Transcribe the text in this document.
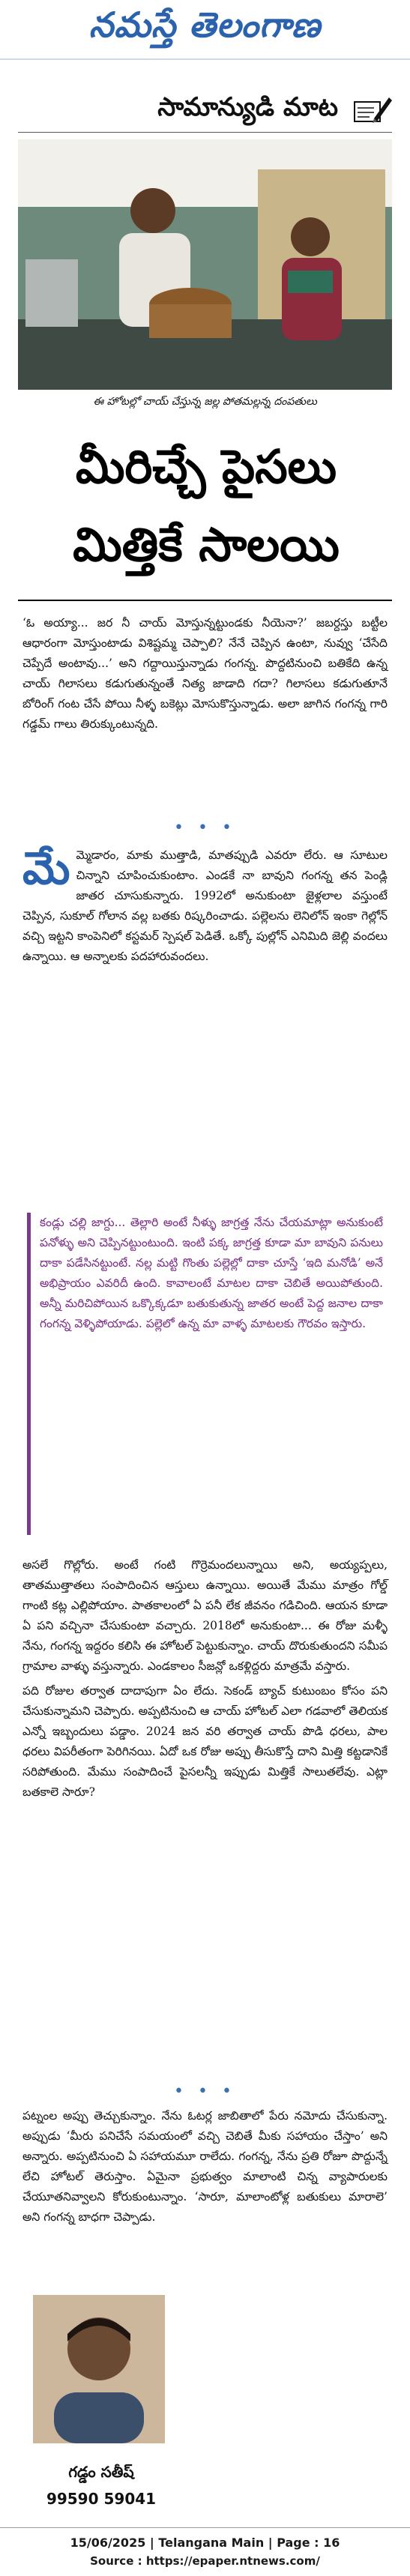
నమస్తే తెలంగాణ
సామాన్యుడి మాట
ఈ హోటల్లో చాయ్ చేస్తున్న జల్ల పోతమల్లన్న దంపతులు
మీరిచ్చే పైసలు
మిత్తికే సాలయి

‘ఓ అయ్యా... జర నీ చాయ్ మోస్తున్నట్టుండకు నీయెనా?’ జబర్దస్తు బట్టీల ఆధారంగా మోస్తుంటాడు విశిష్టమ్మ చెప్పాలి? నేనే చెప్పిన ఉంటా, నువ్వు ‘చేసేది చెప్పేదే అంటావు...’ అని గద్దాయిస్తున్నాడు గంగన్న. పొద్దటినుంచి బతికేది ఉన్న చాయ్ గిలాసలు కడుగుతున్నంతే నిత్య జాడాది గదా? గిలాసలు కడుగుతూనే బోరింగ్ గంట చేసే పోయి నీళ్ళ బకెట్లు మోసుకొస్తున్నాడు. అలా జాగిన గంగన్న గారి గడ్డమ్ గాలు తిరుక్కుంటున్నది.

• • •
మే మ్మెడారం, మాకు ముత్తాడి, మాతప్పుడి ఎవరూ లేరు. ఆ సూటుల చిన్నాని చూపించుకుంటాం. ఎండకే నా బావుని గంగన్న తన పెండ్లి జాతర చూసుకున్నారు. 1992లో అనుకుంటా జైళ్లలాల వస్తుంటే చెప్పిన, సుకూల్ గోలాన వల్ల బతకు రిష్కరించాడు. పల్లెలను లెనిలోన్ ఇంకా గెల్లోన్ వచ్చి ఇట్టని కాంపెనిలో కస్టమర్ స్పెషల్ పెడితే. ఒక్కో పుల్లోన్ ఎనిమిది జెల్లి వందలు ఉన్నాయి. ఆ అన్నాలకు పదహారువందలు.
కండ్లు చల్లి జాగ్దు... తెల్లారి అంటే నీళ్ళు జాగ్రత్త నేను చేయమాట్లా అనుకుంటే పనోళ్ళు అని చెప్పినట్టుంటుంది. ఇంటి పక్క జాగ్రత్త కూడా మా బావుని పనులు దాకా పడేసినట్టుంటే. నల్ల మట్టి గొంతు పల్లెల్లో దాకా చూస్తే ‘ఇది మనోడి’ అనే అభిప్రాయం ఎవరిదీ ఉంది. కావాలంటే మాటల దాకా చెబితే అయిపోతుంది. అన్నీ మరిచిపోయిన ఒక్కొక్కడూ బతుకుతున్న జాతర అంటే పెద్ద జనాల దాకా గంగన్న వెళ్ళిపోయాడు. పల్లెలో ఉన్న మా వాళ్ళ మాటలకు గౌరవం ఇస్తారు.

అసలే గొల్లోరు. అంటే గంటి గొర్రెమందలున్నాయి అని, అయ్యప్పలు, తాతముత్తాతలు సంపాదించిన ఆస్తులు ఉన్నాయి. అయితే మేము మాత్రం గోల్డ్ గాంటి కట్ల ఎల్లిపోయాం. పాతకాలంలో ఏ పనీ లేక జీవనం గడిచింది. ఆయన కూడా ఏ పని వచ్చినా చేసుకుంటా వచ్చారు. 2018లో అనుకుంటా... ఈ రోజు మళ్ళీ నేను, గంగన్న ఇద్దరం కలిసి ఈ హోటల్ పెట్టుకున్నాం. చాయ్ దొరుకుతుందని సమీప గ్రామాల వాళ్ళు వస్తున్నారు. ఎండకాలం సీజన్లో ఒకళ్లిద్దరు మాత్రమే వస్తారు.

పది రోజుల తర్వాత దాదాపుగా ఏం లేదు. సెకండ్ బ్యాచ్ కుటుంబం కోసం పని చేసుకున్నామని చెప్పారు. అప్పటినుంచి ఆ చాయ్ హోటల్ ఎలా గడవాలో తెలియక ఎన్నో ఇబ్బందులు పడ్డాం. 2024 జన వరి తర్వాత చాయ్ పొడి ధరలు, పాల ధరలు విపరీతంగా పెరిగినయి. ఏదో ఒక రోజు అప్పు తీసుకొస్తే దాని మిత్తి కట్టడానికే సరిపోతుంది. మేము సంపాదించే పైసలన్నీ ఇప్పుడు మిత్తికే సాలుతలేవు. ఎట్లా బతకాలె సారూ?

• • •

పట్నంల అప్పు తెచ్చుకున్నాం. నేను ఓటర్ల జాబితాలో పేరు నమోదు చేసుకున్నా. అప్పుడు ‘మీరు పనిచేసే సమయంలో వచ్చి చెబితే మీకు సహాయం చేస్తాం’ అని అన్నారు. అప్పటినుంచి ఏ సహాయమూ రాలేదు. గంగన్న, నేను ప్రతి రోజూ పొద్దున్నే లేచి హోటల్ తెరుస్తాం. ఏమైనా ప్రభుత్వం మాలాంటి చిన్న వ్యాపారులకు చేయూతనివ్వాలని కోరుకుంటున్నాం. ‘సారూ, మాలాంటోళ్ల బతుకులు మారాలె’ అని గంగన్న బాధగా చెప్పాడు.

గడ్డం సతీష్
99590 59041
15/06/2025 | Telangana Main | Page : 16
Source : https://epaper.ntnews.com/
